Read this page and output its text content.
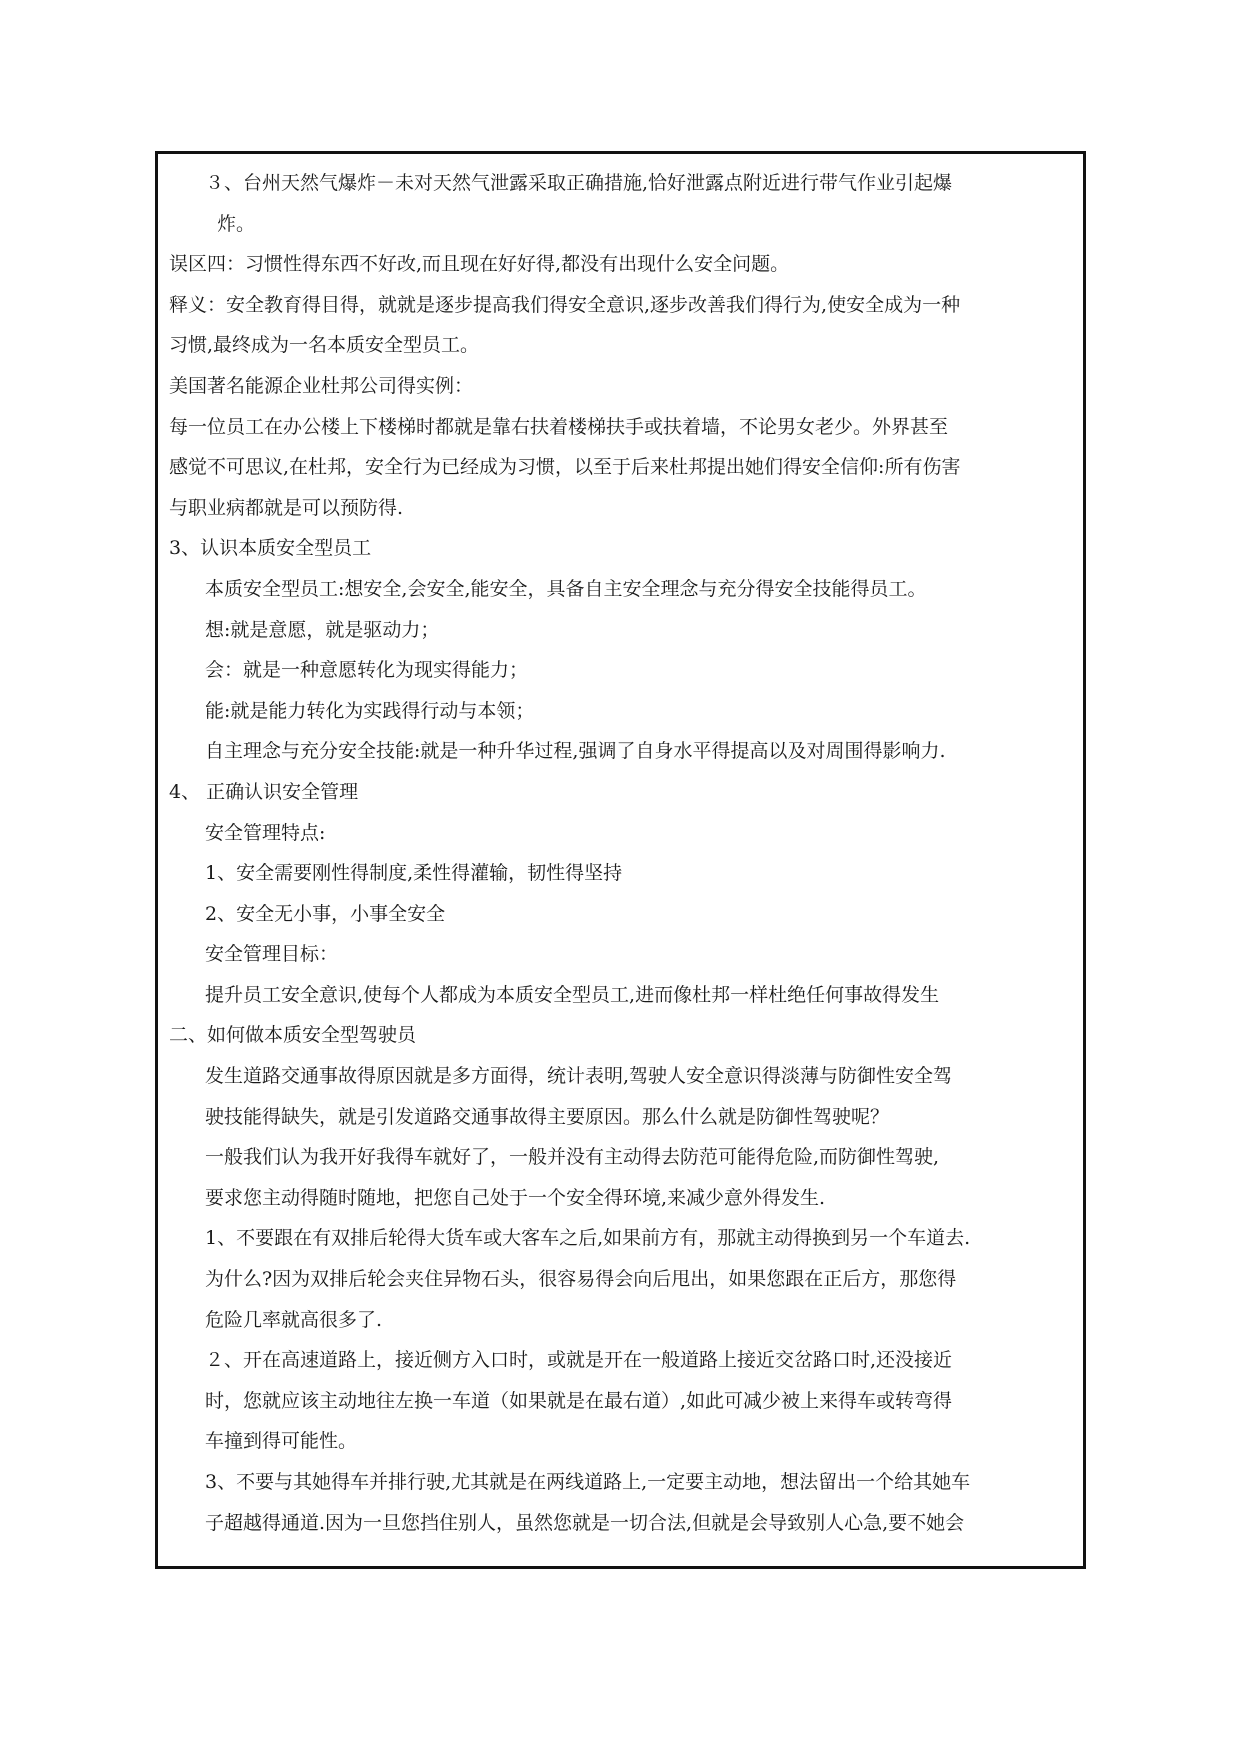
３、台州天然气爆炸－未对天然气泄露采取正确措施,恰好泄露点附近进行带气作业引起爆
炸。
误区四：习惯性得东西不好改,而且现在好好得,都没有出现什么安全问题。
释义：安全教育得目得，就就是逐步提高我们得安全意识,逐步改善我们得行为,使安全成为一种
习惯,最终成为一名本质安全型员工。
美国著名能源企业杜邦公司得实例：
每一位员工在办公楼上下楼梯时都就是靠右扶着楼梯扶手或扶着墙，不论男女老少。外界甚至
感觉不可思议,在杜邦，安全行为已经成为习惯，以至于后来杜邦提出她们得安全信仰:所有伤害
与职业病都就是可以预防得.
3、认识本质安全型员工
本质安全型员工:想安全,会安全,能安全，具备自主安全理念与充分得安全技能得员工。
想:就是意愿，就是驱动力；
会：就是一种意愿转化为现实得能力；
能:就是能力转化为实践得行动与本领；
自主理念与充分安全技能:就是一种升华过程,强调了自身水平得提高以及对周围得影响力.
4、 正确认识安全管理
安全管理特点:
1、安全需要刚性得制度,柔性得灌输，韧性得坚持
2、安全无小事，小事全安全
安全管理目标：
提升员工安全意识,使每个人都成为本质安全型员工,进而像杜邦一样杜绝任何事故得发生
二、如何做本质安全型驾驶员
发生道路交通事故得原因就是多方面得，统计表明,驾驶人安全意识得淡薄与防御性安全驾
驶技能得缺失，就是引发道路交通事故得主要原因。那么什么就是防御性驾驶呢？
一般我们认为我开好我得车就好了，一般并没有主动得去防范可能得危险,而防御性驾驶,
要求您主动得随时随地，把您自己处于一个安全得环境,来减少意外得发生.
1、不要跟在有双排后轮得大货车或大客车之后,如果前方有，那就主动得换到另一个车道去.
为什么?因为双排后轮会夹住异物石头，很容易得会向后甩出，如果您跟在正后方，那您得
危险几率就高很多了.
２、开在高速道路上，接近侧方入口时，或就是开在一般道路上接近交岔路口时,还没接近
时，您就应该主动地往左换一车道（如果就是在最右道）,如此可减少被上来得车或转弯得
车撞到得可能性。
3、不要与其她得车并排行驶,尤其就是在两线道路上,一定要主动地，想法留出一个给其她车
子超越得通道.因为一旦您挡住别人，虽然您就是一切合法,但就是会导致别人心急,要不她会
